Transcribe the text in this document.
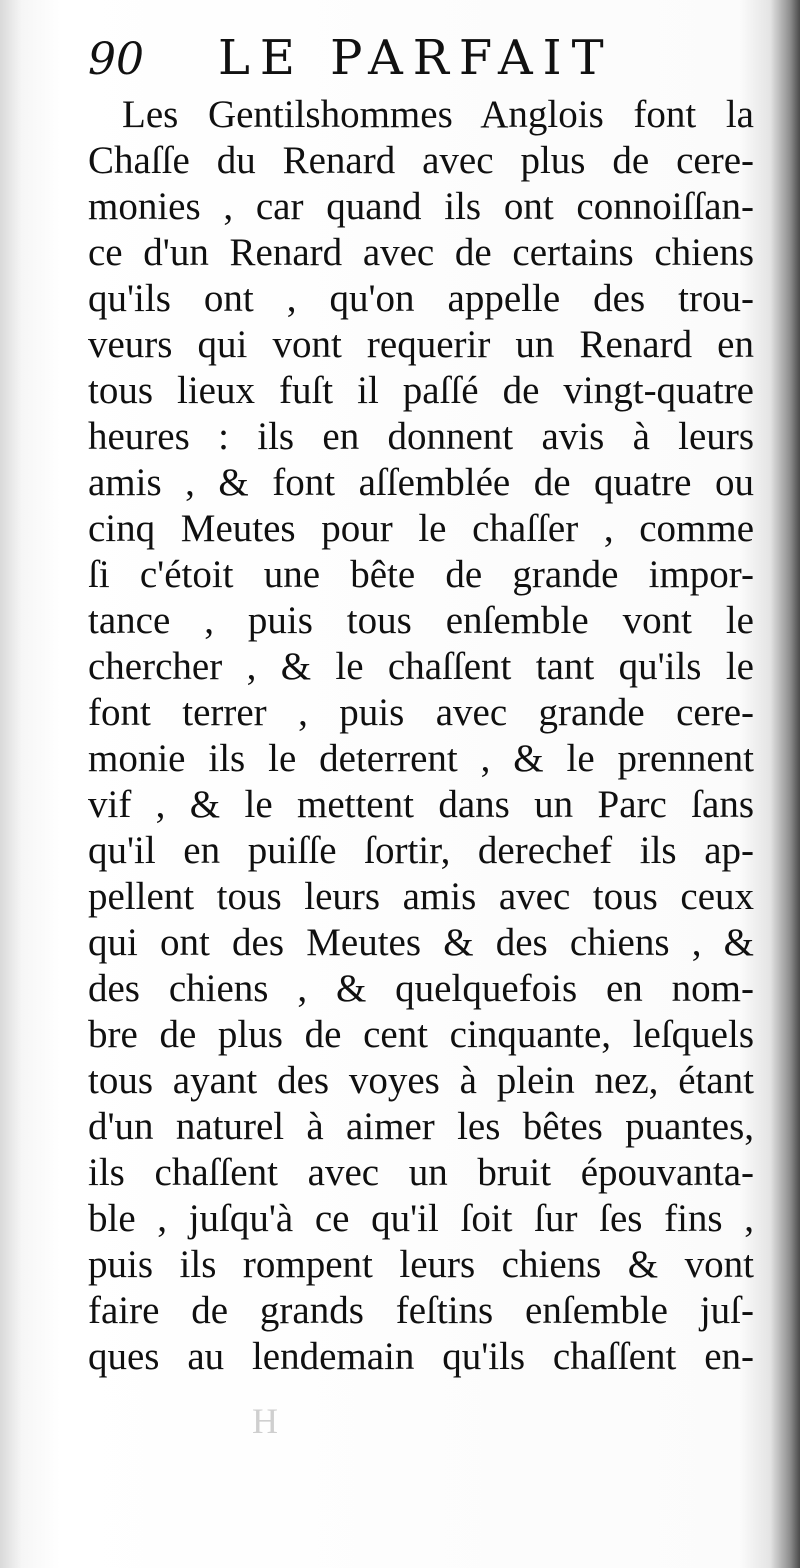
90 LE PARFAIT
Les Gentilshommes Anglois font la
Chaſſe du Renard avec plus de cere-
monies , car quand ils ont connoiſſan-
ce d'un Renard avec de certains chiens
qu'ils ont , qu'on appelle des trou-
veurs qui vont requerir un Renard en
tous lieux fuſt il paſſé de vingt-quatre
heures : ils en donnent avis à leurs
amis , & font aſſemblée de quatre ou
cinq Meutes pour le chaſſer , comme
ſi c'étoit une bête de grande impor-
tance , puis tous enſemble vont le
chercher , & le chaſſent tant qu'ils le
font terrer , puis avec grande cere-
monie ils le deterrent , & le prennent
vif , & le mettent dans un Parc ſans
qu'il en puiſſe ſortir, derechef ils ap-
pellent tous leurs amis avec tous ceux
qui ont des Meutes & des chiens , &
des chiens , & quelquefois en nom-
bre de plus de cent cinquante, leſquels
tous ayant des voyes à plein nez, étant
d'un naturel à aimer les bêtes puantes,
ils chaſſent avec un bruit épouvanta-
ble , juſqu'à ce qu'il ſoit ſur ſes fins ,
puis ils rompent leurs chiens & vont
faire de grands feſtins enſemble juſ-
ques au lendemain qu'ils chaſſent en-
H
